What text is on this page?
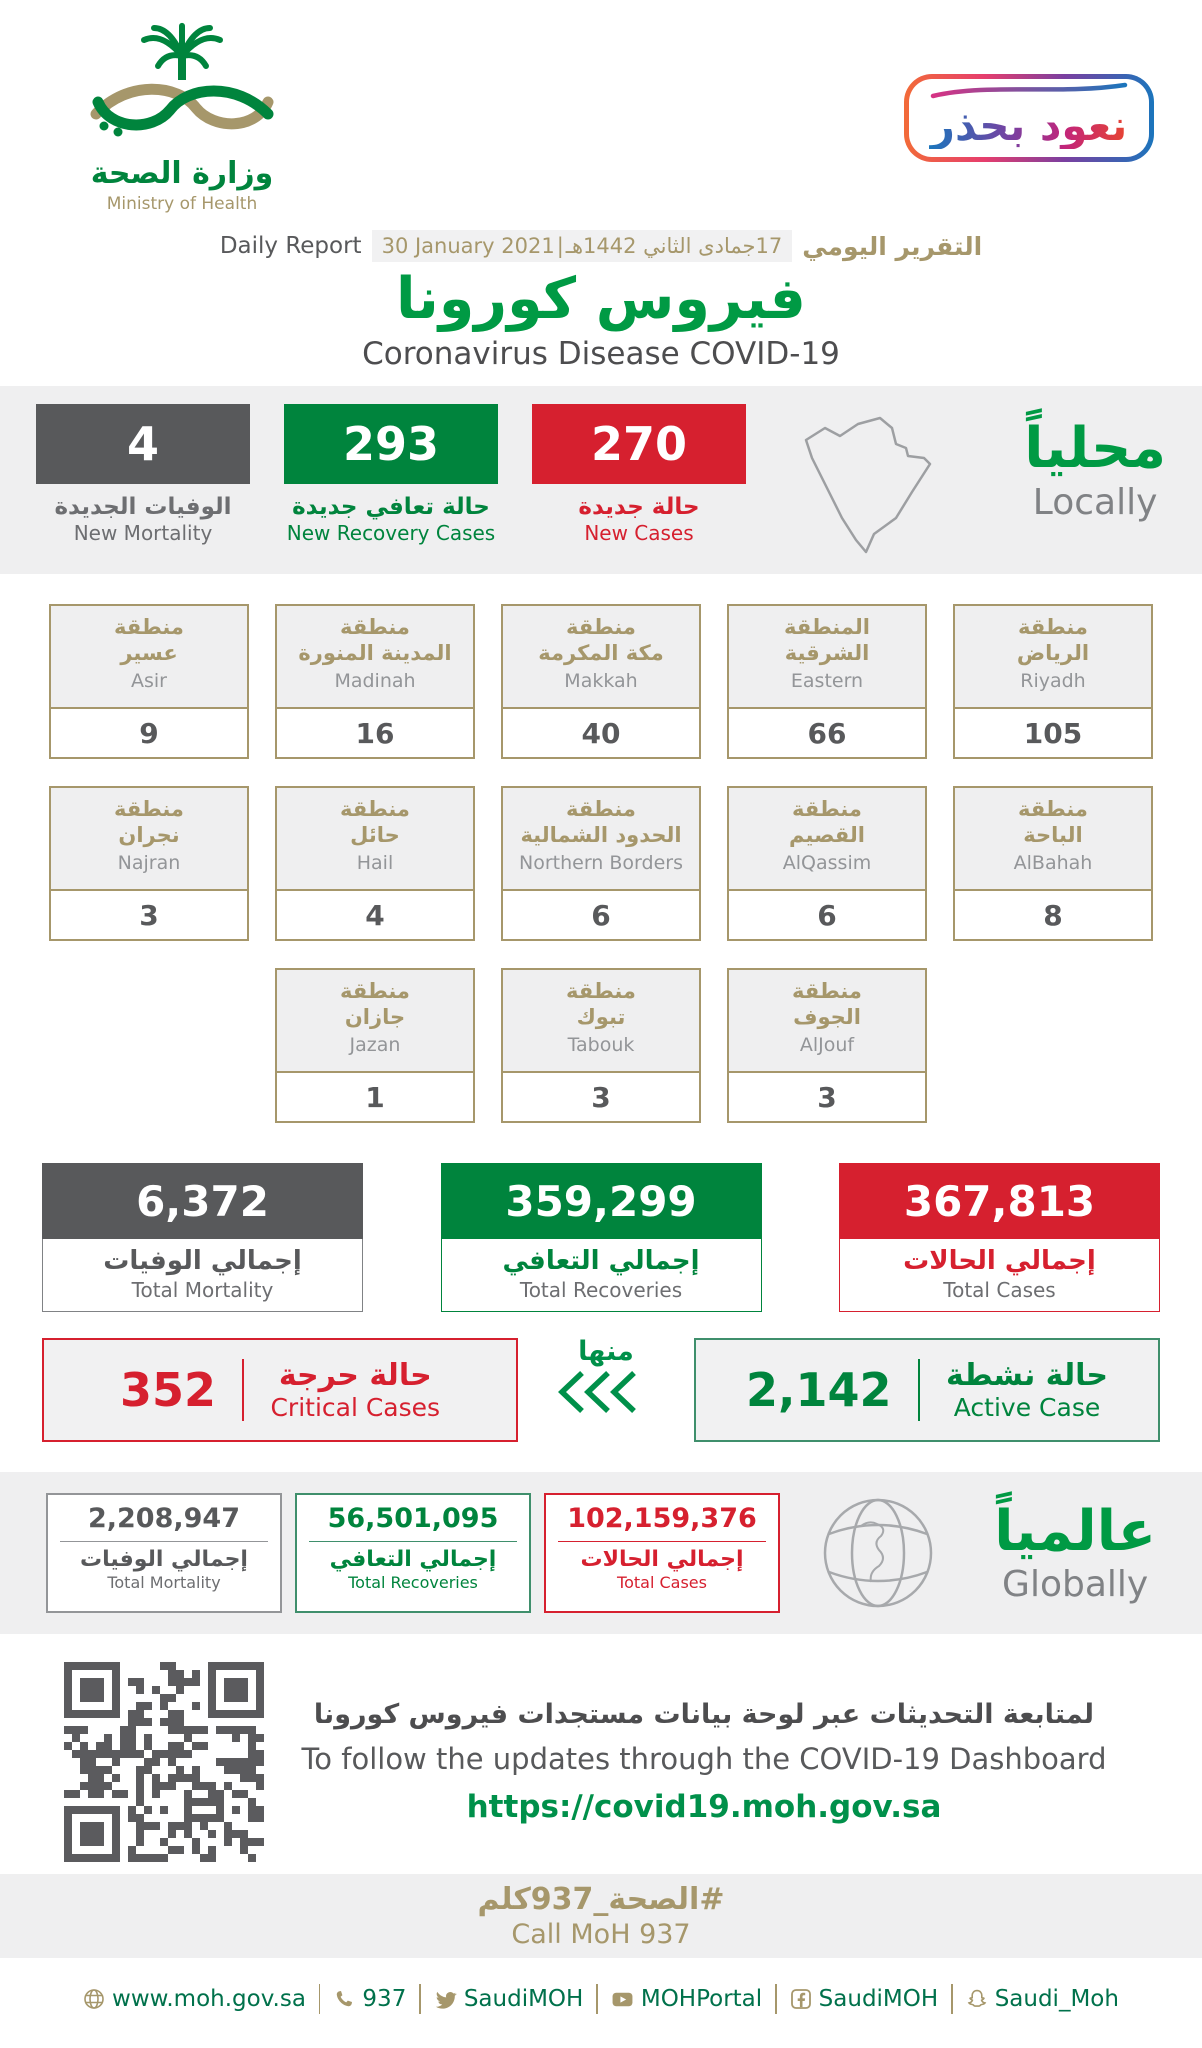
وزارة الصحة
Ministry of Health
نعود بحذر
Daily Report 30 January 2021 | 17جمادى الثاني 1442هـ التقرير اليومي
فيروس كورونا
Coronavirus Disease COVID-19
4
الوفيات الجديدة
New Mortality
293
حالة تعافي جديدة
New Recovery Cases
270
حالة جديدة
New Cases
محلياً
Locally
منطقة
عسير
Asir
9
منطقة
المدينة المنورة
Madinah
16
منطقة
مكة المكرمة
Makkah
40
المنطقة
الشرقية
Eastern
66
منطقة
الرياض
Riyadh
105
منطقة
نجران
Najran
3
منطقة
حائل
Hail
4
منطقة
الحدود الشمالية
Northern Borders
6
منطقة
القصيم
AlQassim
6
منطقة
الباحة
AlBahah
8
منطقة
جازان
Jazan
1
منطقة
تبوك
Tabouk
3
منطقة
الجوف
AlJouf
3
6,372
إجمالي الوفيات
Total Mortality
359,299
إجمالي التعافي
Total Recoveries
367,813
إجمالي الحالات
Total Cases
352 حالة حرجة
Critical Cases
منها
2,142 حالة نشطة
Active Case
2,208,947
إجمالي الوفيات
Total Mortality
56,501,095
إجمالي التعافي
Total Recoveries
102,159,376
إجمالي الحالات
Total Cases
عالمياً
Globally
لمتابعة التحديثات عبر لوحة بيانات مستجدات فيروس كورونا
To follow the updates through the COVID-19 Dashboard
https://covid19.moh.gov.sa
كلم #الصحة_937
Call MoH 937
www.moh.gov.sa 937	SaudiMOH	MOHPortal SaudiMOH Saudi_Moh
